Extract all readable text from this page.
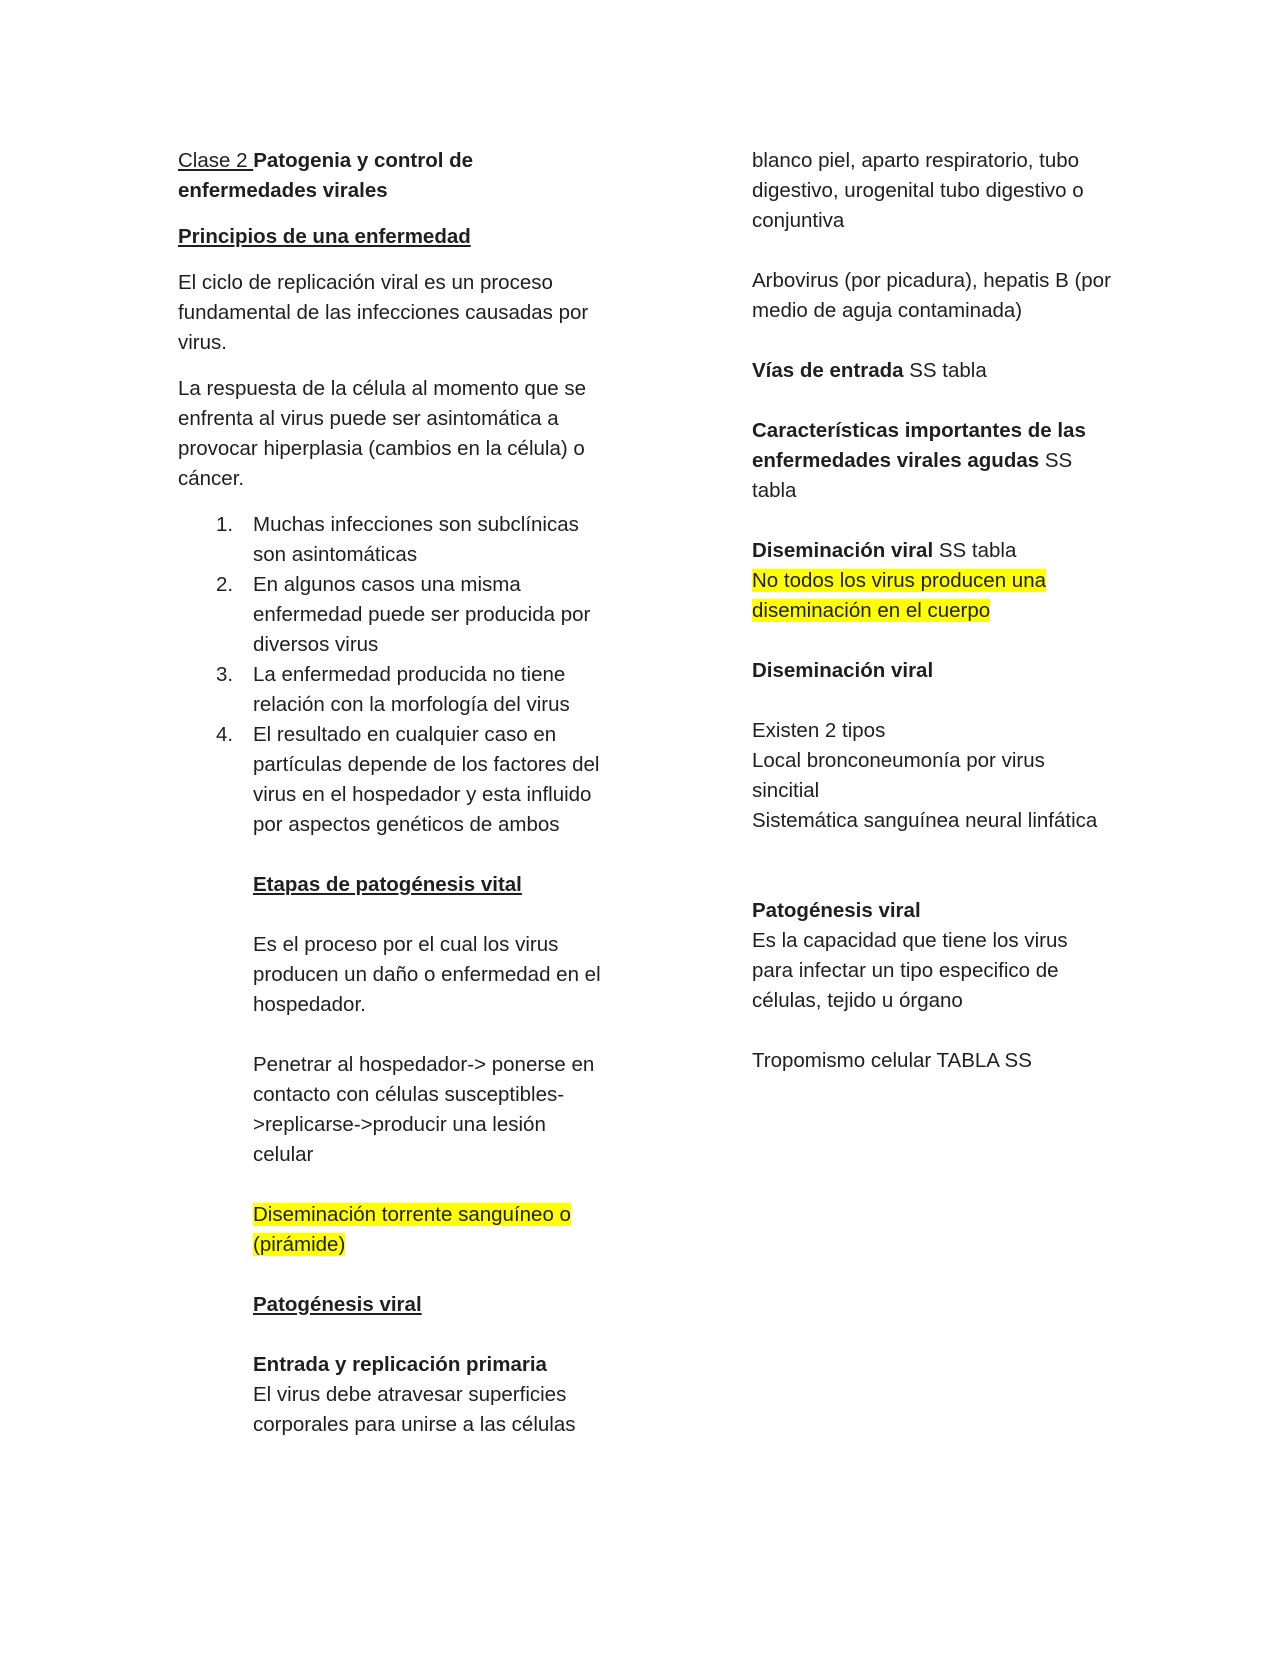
Clase 2 Patogenia y control de enfermedades virales

Principios de una enfermedad

El ciclo de replicación viral es un proceso fundamental de las infecciones causadas por virus.

La respuesta de la célula al momento que se enfrenta al virus puede ser asintomática a provocar hiperplasia (cambios en la célula) o cáncer.

1. Muchas infecciones son subclínicas son asintomáticas
2. En algunos casos una misma enfermedad puede ser producida por diversos virus
3. La enfermedad producida no tiene relación con la morfología del virus
4. El resultado en cualquier caso en partículas depende de los factores del virus en el hospedador y esta influido por aspectos genéticos de ambos

Etapas de patogénesis vital

Es el proceso por el cual los virus producen un daño o enfermedad en el hospedador.

Penetrar al hospedador-> ponerse en contacto con células susceptibles->replicarse->producir una lesión celular

Diseminación torrente sanguíneo o (pirámide)

Patogénesis viral

Entrada y replicación primaria

El virus debe atravesar superficies corporales para unirse a las células

blanco piel, aparto respiratorio, tubo digestivo, urogenital tubo digestivo o conjuntiva

Arbovirus (por picadura), hepatis B (por medio de aguja contaminada)

Vías de entrada SS tabla

Características importantes de las enfermedades virales agudas SS tabla

Diseminación viral SS tabla

No todos los virus producen una diseminación en el cuerpo

Diseminación viral

Existen 2 tipos

Local bronconeumonía por virus sincitial

Sistemática sanguínea neural linfática

Patogénesis viral

Es la capacidad que tiene los virus para infectar un tipo especifico de células, tejido u órgano

Tropomismo celular TABLA SS
